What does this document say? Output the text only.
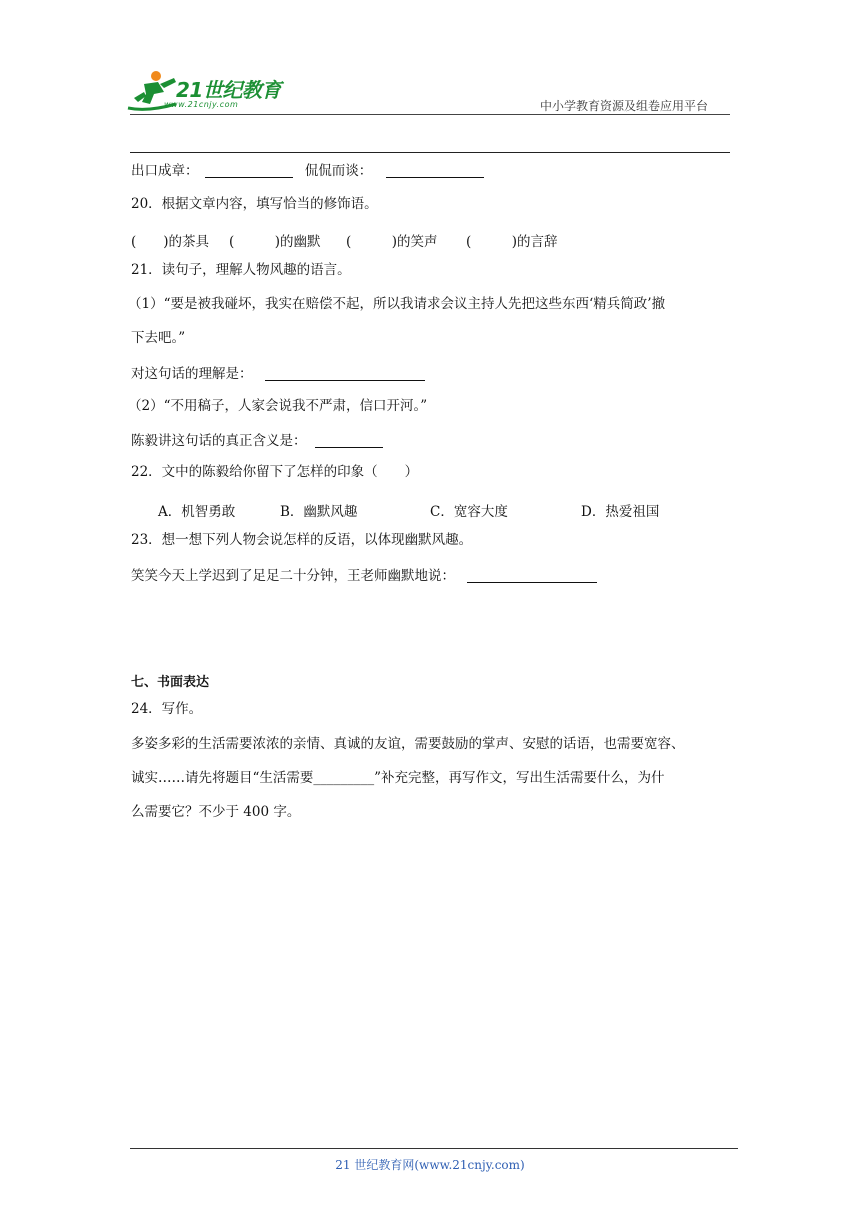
21世纪教育
www.21cnjy.com	中小学教育资源及组卷应用平台
出口成章：	侃侃而谈：
20．根据文章内容，填写恰当的修饰语。
(　　)的茶具 (　　　)的幽默 (　　　)的笑声 (　　　)的言辞
21．读句子，理解人物风趣的语言。
（1）“要是被我碰坏，我实在赔偿不起，所以我请求会议主持人先把这些东西‘精兵简政’撤
下去吧。”
对这句话的理解是：
（2）“不用稿子，人家会说我不严肃，信口开河。”
陈毅讲这句话的真正含义是：
22．文中的陈毅给你留下了怎样的印象（　　）
A．机智勇敢	B．幽默风趣	C．宽容大度	D．热爱祖国
23．想一想下列人物会说怎样的反语，以体现幽默风趣。
笑笑今天上学迟到了足足二十分钟，王老师幽默地说：
七、书面表达
24．写作。
多姿多彩的生活需要浓浓的亲情、真诚的友谊，需要鼓励的掌声、安慰的话语，也需要宽容、
诚实……请先将题目“生活需要_________”补充完整，再写作文，写出生活需要什么，为什
么需要它？不少于 400 字。
21 世纪教育网(www.21cnjy.com)
